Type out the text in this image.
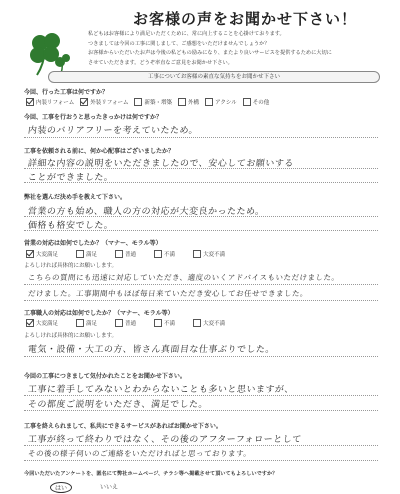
お客様の声をお聞かせ下さい！
私どもはお客様により満足いただくために、常に向上することを心掛けております。
つきましては今回の工事に関しまして、ご感想をいただけませんでしょうか？
お客様からいただいたお声は今後の私どもの励みになり、またより良いサービスを提供するために大切に
させていただきます。どうぞ率直なご意見をお聞かせ下さい。
工事についてお客様の素直な気持ちをお聞かせ下さい
今回、行った工事は何ですか？
内装リフォーム	外装リフォーム	新築・増築	外構	アクシル	その他
今回、工事を行おうと思ったきっかけは何ですか？
内装のバリアフリーを考えていたため。
工事を依頼される前に、何か心配事はございましたか？
詳細な内容の説明をいただきましたので、安心してお願いする
ことができました。
弊社を選んだ決め手を教えて下さい。
営業の方も始め、職人の方の対応が大変良かったため。
価格も格安でした。
営業の対応は如何でしたか？（マナー、モラル等）
大変満足	満足	普通	不満	大変不満
よろしければ具体的にお願いします。
こちらの質問にも迅速に対応していただき、適度のいくアドバイスもいただけました。
だけました。工事期間中もほぼ毎日来ていただき安心してお任せできました。
工事職人の対応は如何でしたか？（マナー、モラル等）
大変満足	満足	普通	不満	大変不満
よろしければ具体的にお願いします。
電気・設備・大工の方、皆さん真面目な仕事ぶりでした。
今回の工事につきまして気付かれたことをお聞かせ下さい。
工事に着手してみないとわからないことも多いと思いますが、
その都度ご説明をいただき、満足でした。
工事を終えられまして、私共にできるサービスがあればお聞かせ下さい。
工事が終って終わりではなく、その後のアフターフォローとして
その後の様子伺いのご連絡をいただければと思っております。
今回いただいたアンケートを、匿名にて弊社ホームページ、チラシ等へ掲載させて頂いてもよろしいですか？
はい	いいえ
